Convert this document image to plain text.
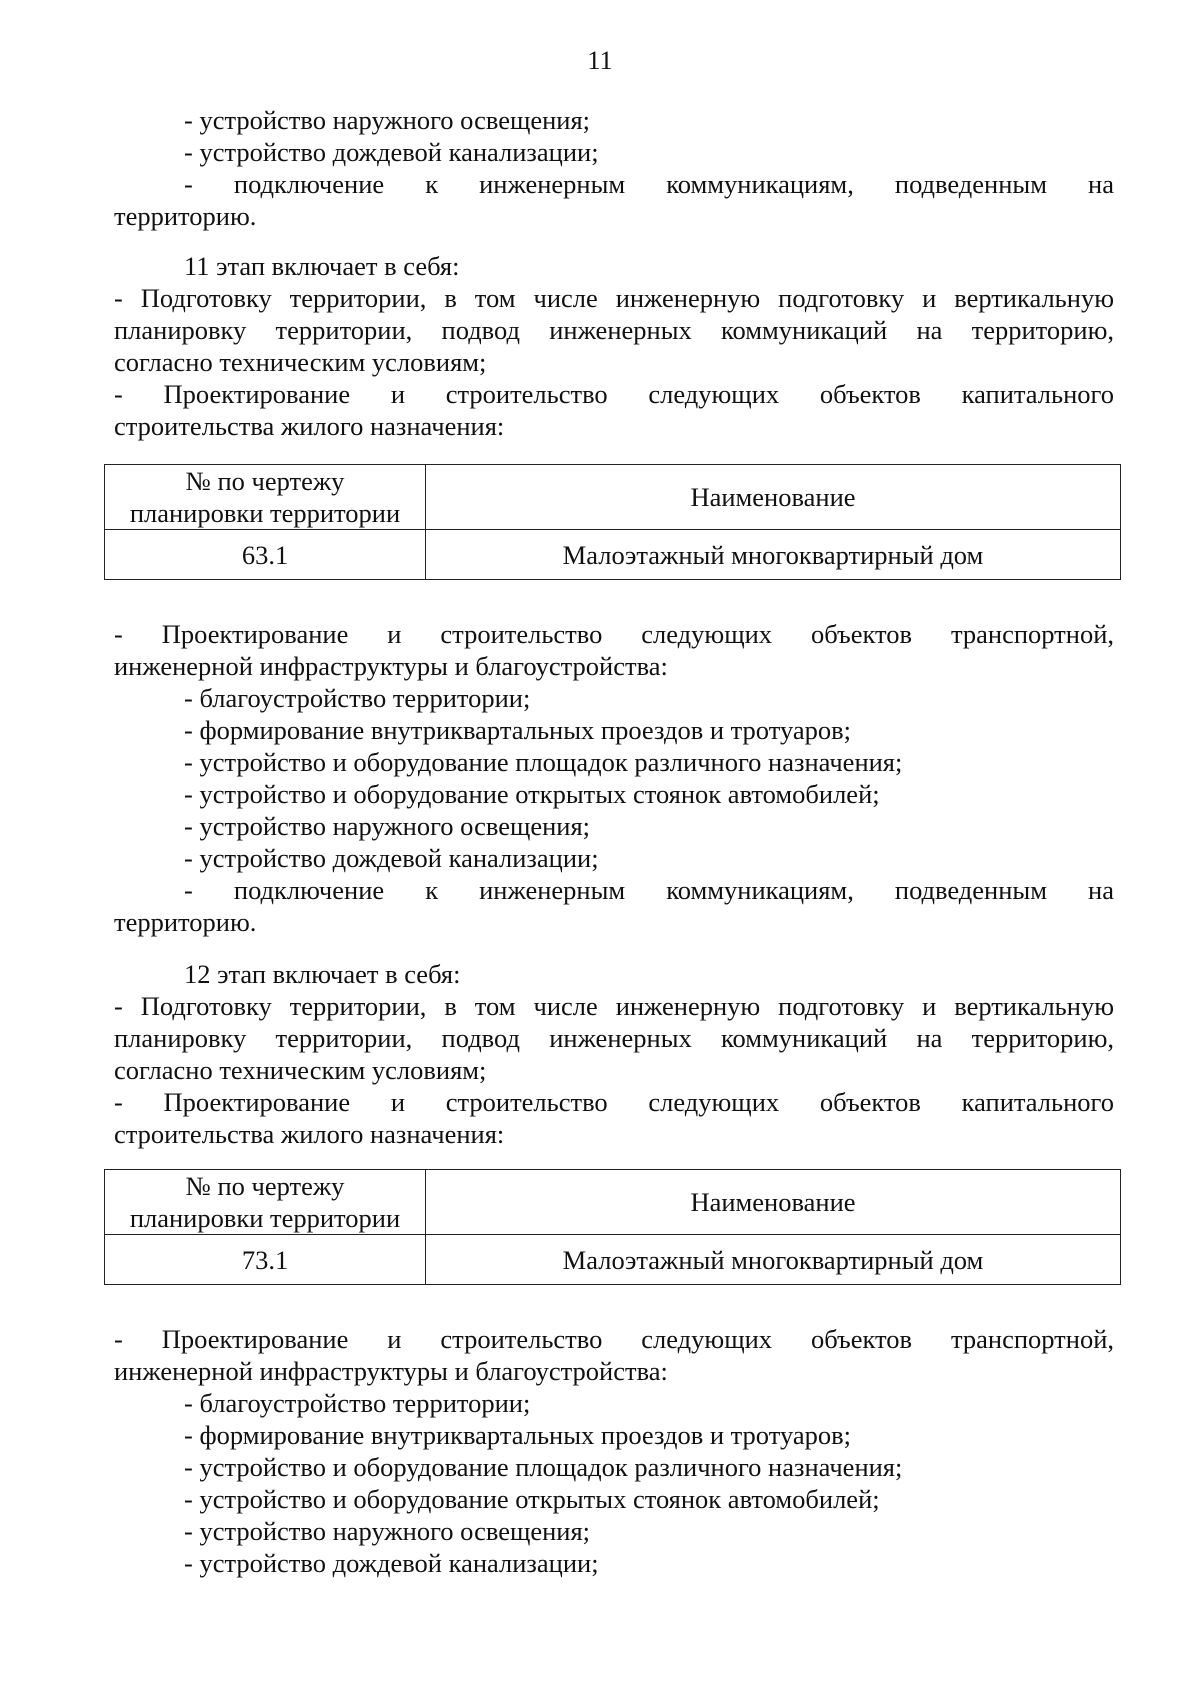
11

- устройство наружного освещения;

- устройство дождевой канализации;

- подключение к инженерным коммуникациям, подведенным на

территорию.

11 этап включает в себя:

- Подготовку территории, в том числе инженерную подготовку и вертикальную

планировку территории, подвод инженерных коммуникаций на территорию,

согласно техническим условиям;

- Проектирование и строительство следующих объектов капитального

строительства жилого назначения:

№ по чертежу
планировки территории	Наименование
63.1	Малоэтажный многоквартирный дом

- Проектирование и строительство следующих объектов транспортной,

инженерной инфраструктуры и благоустройства:

- благоустройство территории;

- формирование внутриквартальных проездов и тротуаров;

- устройство и оборудование площадок различного назначения;

- устройство и оборудование открытых стоянок автомобилей;

- устройство наружного освещения;

- устройство дождевой канализации;

- подключение к инженерным коммуникациям, подведенным на

территорию.

12 этап включает в себя:

- Подготовку территории, в том числе инженерную подготовку и вертикальную

планировку территории, подвод инженерных коммуникаций на территорию,

согласно техническим условиям;

- Проектирование и строительство следующих объектов капитального

строительства жилого назначения:

№ по чертежу
планировки территории	Наименование
73.1	Малоэтажный многоквартирный дом

- Проектирование и строительство следующих объектов транспортной,

инженерной инфраструктуры и благоустройства:

- благоустройство территории;

- формирование внутриквартальных проездов и тротуаров;

- устройство и оборудование площадок различного назначения;

- устройство и оборудование открытых стоянок автомобилей;

- устройство наружного освещения;

- устройство дождевой канализации;
